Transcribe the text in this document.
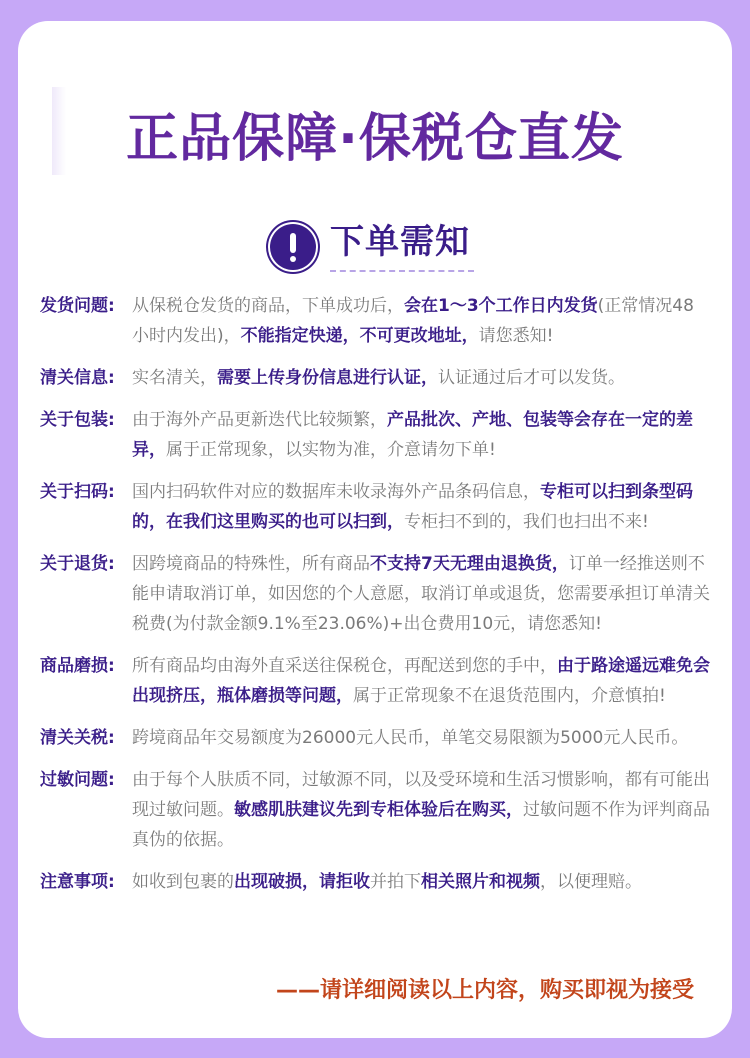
正品保障·保税仓直发
下单需知
发货问题:	从保税仓发货的商品，下单成功后，会在1～3个工作日内发货(正常情况48小时内发出)，不能指定快递，不可更改地址，请您悉知!
清关信息:	实名清关，需要上传身份信息进行认证，认证通过后才可以发货。
关于包装:	由于海外产品更新迭代比较频繁，产品批次、产地、包装等会存在一定的差异，属于正常现象，以实物为准，介意请勿下单!
关于扫码:	国内扫码软件对应的数据库未收录海外产品条码信息，专柜可以扫到条型码的，在我们这里购买的也可以扫到，专柜扫不到的，我们也扫出不来!
关于退货:	因跨境商品的特殊性，所有商品不支持7天无理由退换货，订单一经推送则不能申请取消订单，如因您的个人意愿，取消订单或退货，您需要承担订单清关税费(为付款金额9.1%至23.06%)+出仓费用10元，请您悉知!
商品磨损:	所有商品均由海外直采送往保税仓，再配送到您的手中，由于路途遥远难免会出现挤压，瓶体磨损等问题，属于正常现象不在退货范围内，介意慎拍!
清关关税:	跨境商品年交易额度为26000元人民币，单笔交易限额为5000元人民币。
过敏问题:	由于每个人肤质不同，过敏源不同，以及受环境和生活习惯影响，都有可能出现过敏问题。敏感肌肤建议先到专柜体验后在购买，过敏问题不作为评判商品真伪的依据。
注意事项:	如收到包裹的出现破损，请拒收并拍下相关照片和视频，以便理赔。
——请详细阅读以上内容，购买即视为接受
